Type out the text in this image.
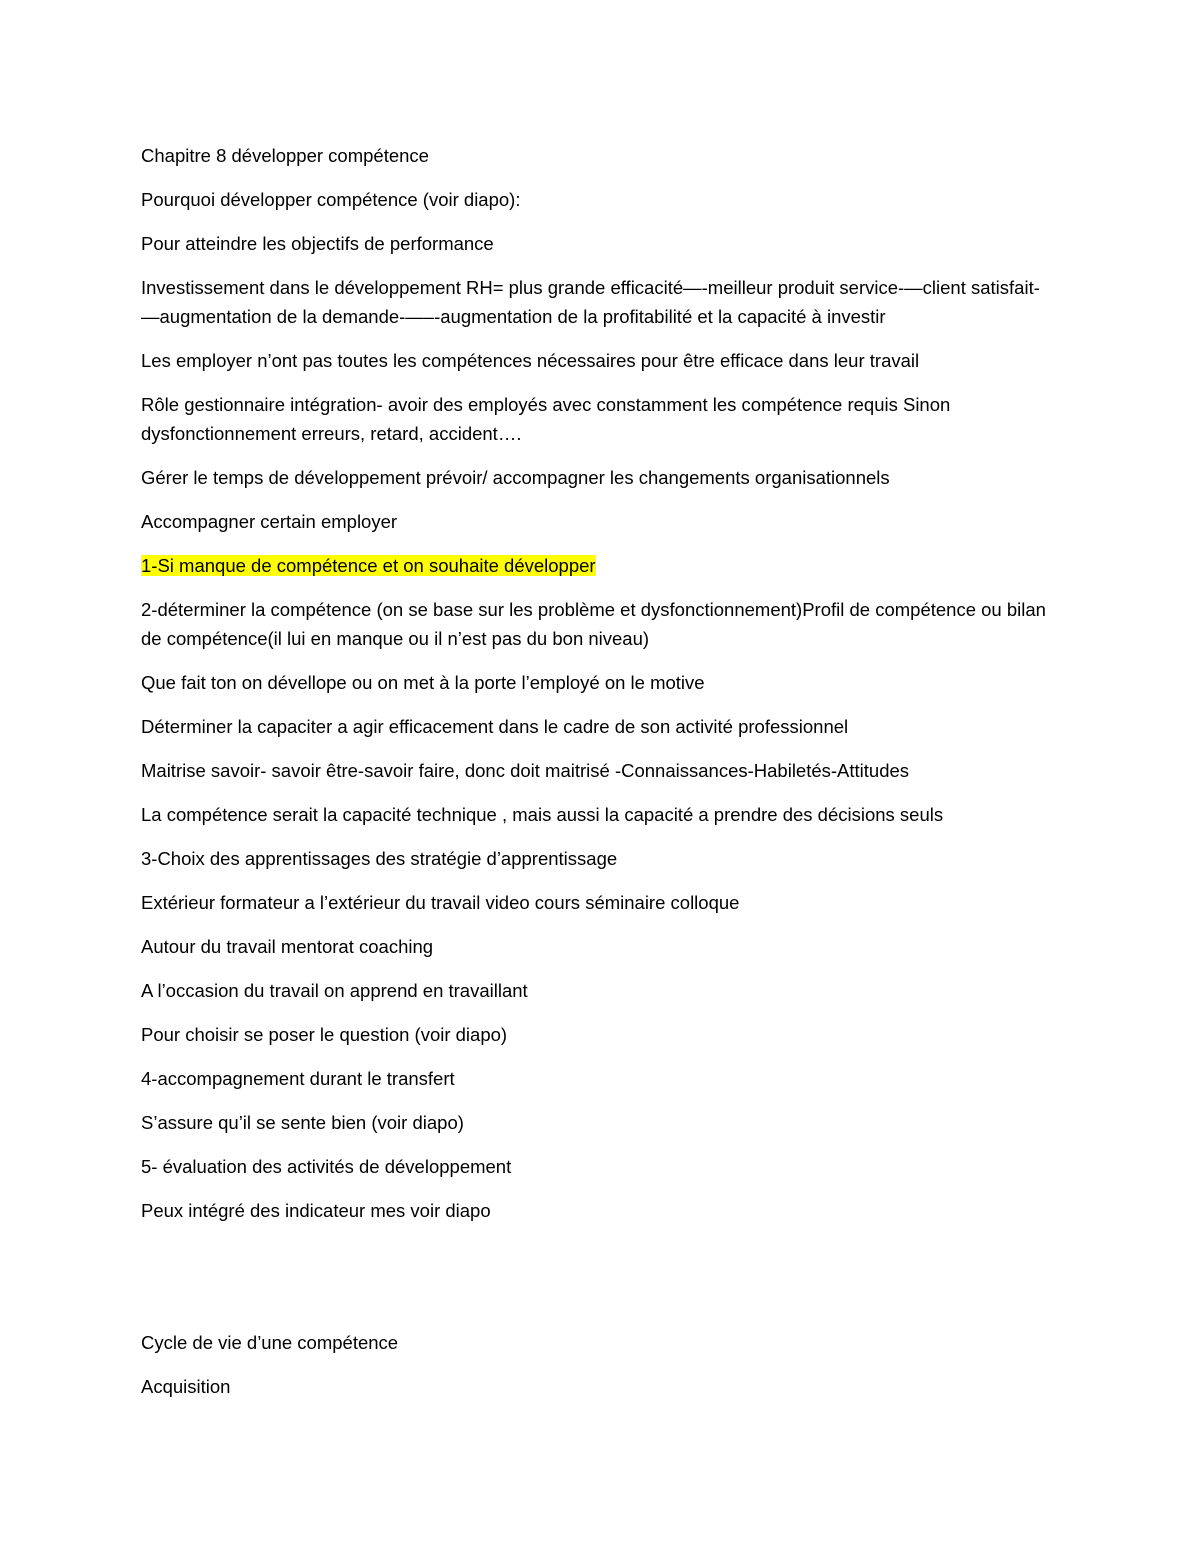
Chapitre 8 développer compétence

Pourquoi développer compétence (voir diapo):

Pour atteindre les objectifs de performance

Investissement dans le développement RH= plus grande efficacité—-meilleur produit service-—client satisfait-—augmentation de la demande-—–-augmentation de la profitabilité et la capacité à investir

Les employer n’ont pas toutes les compétences nécessaires pour être efficace dans leur travail

Rôle gestionnaire intégration- avoir des employés avec constamment les compétence requis Sinon dysfonctionnement erreurs, retard, accident….

Gérer le temps de développement prévoir/ accompagner les changements organisationnels

Accompagner certain employer

1-Si manque de compétence et on souhaite développer

2-déterminer la compétence (on se base sur les problème et dysfonctionnement)Profil de compétence ou bilan de compétence(il lui en manque ou il n’est pas du bon niveau)

Que fait ton on dévellope ou on met à la porte l’employé on le motive

Déterminer la capaciter a agir efficacement dans le cadre de son activité professionnel

Maitrise savoir- savoir être-savoir faire, donc doit maitrisé -Connaissances-Habiletés-Attitudes

La compétence serait la capacité technique , mais aussi la capacité a prendre des décisions seuls

3-Choix des apprentissages des stratégie d’apprentissage

Extérieur formateur a l’extérieur du travail video cours séminaire colloque

Autour du travail mentorat coaching

A l’occasion du travail on apprend en travaillant

Pour choisir se poser le question (voir diapo)

4-accompagnement durant le transfert

S’assure qu’il se sente bien (voir diapo)

5- évaluation des activités de développement

Peux intégré des indicateur mes voir diapo

Cycle de vie d’une compétence

Acquisition
